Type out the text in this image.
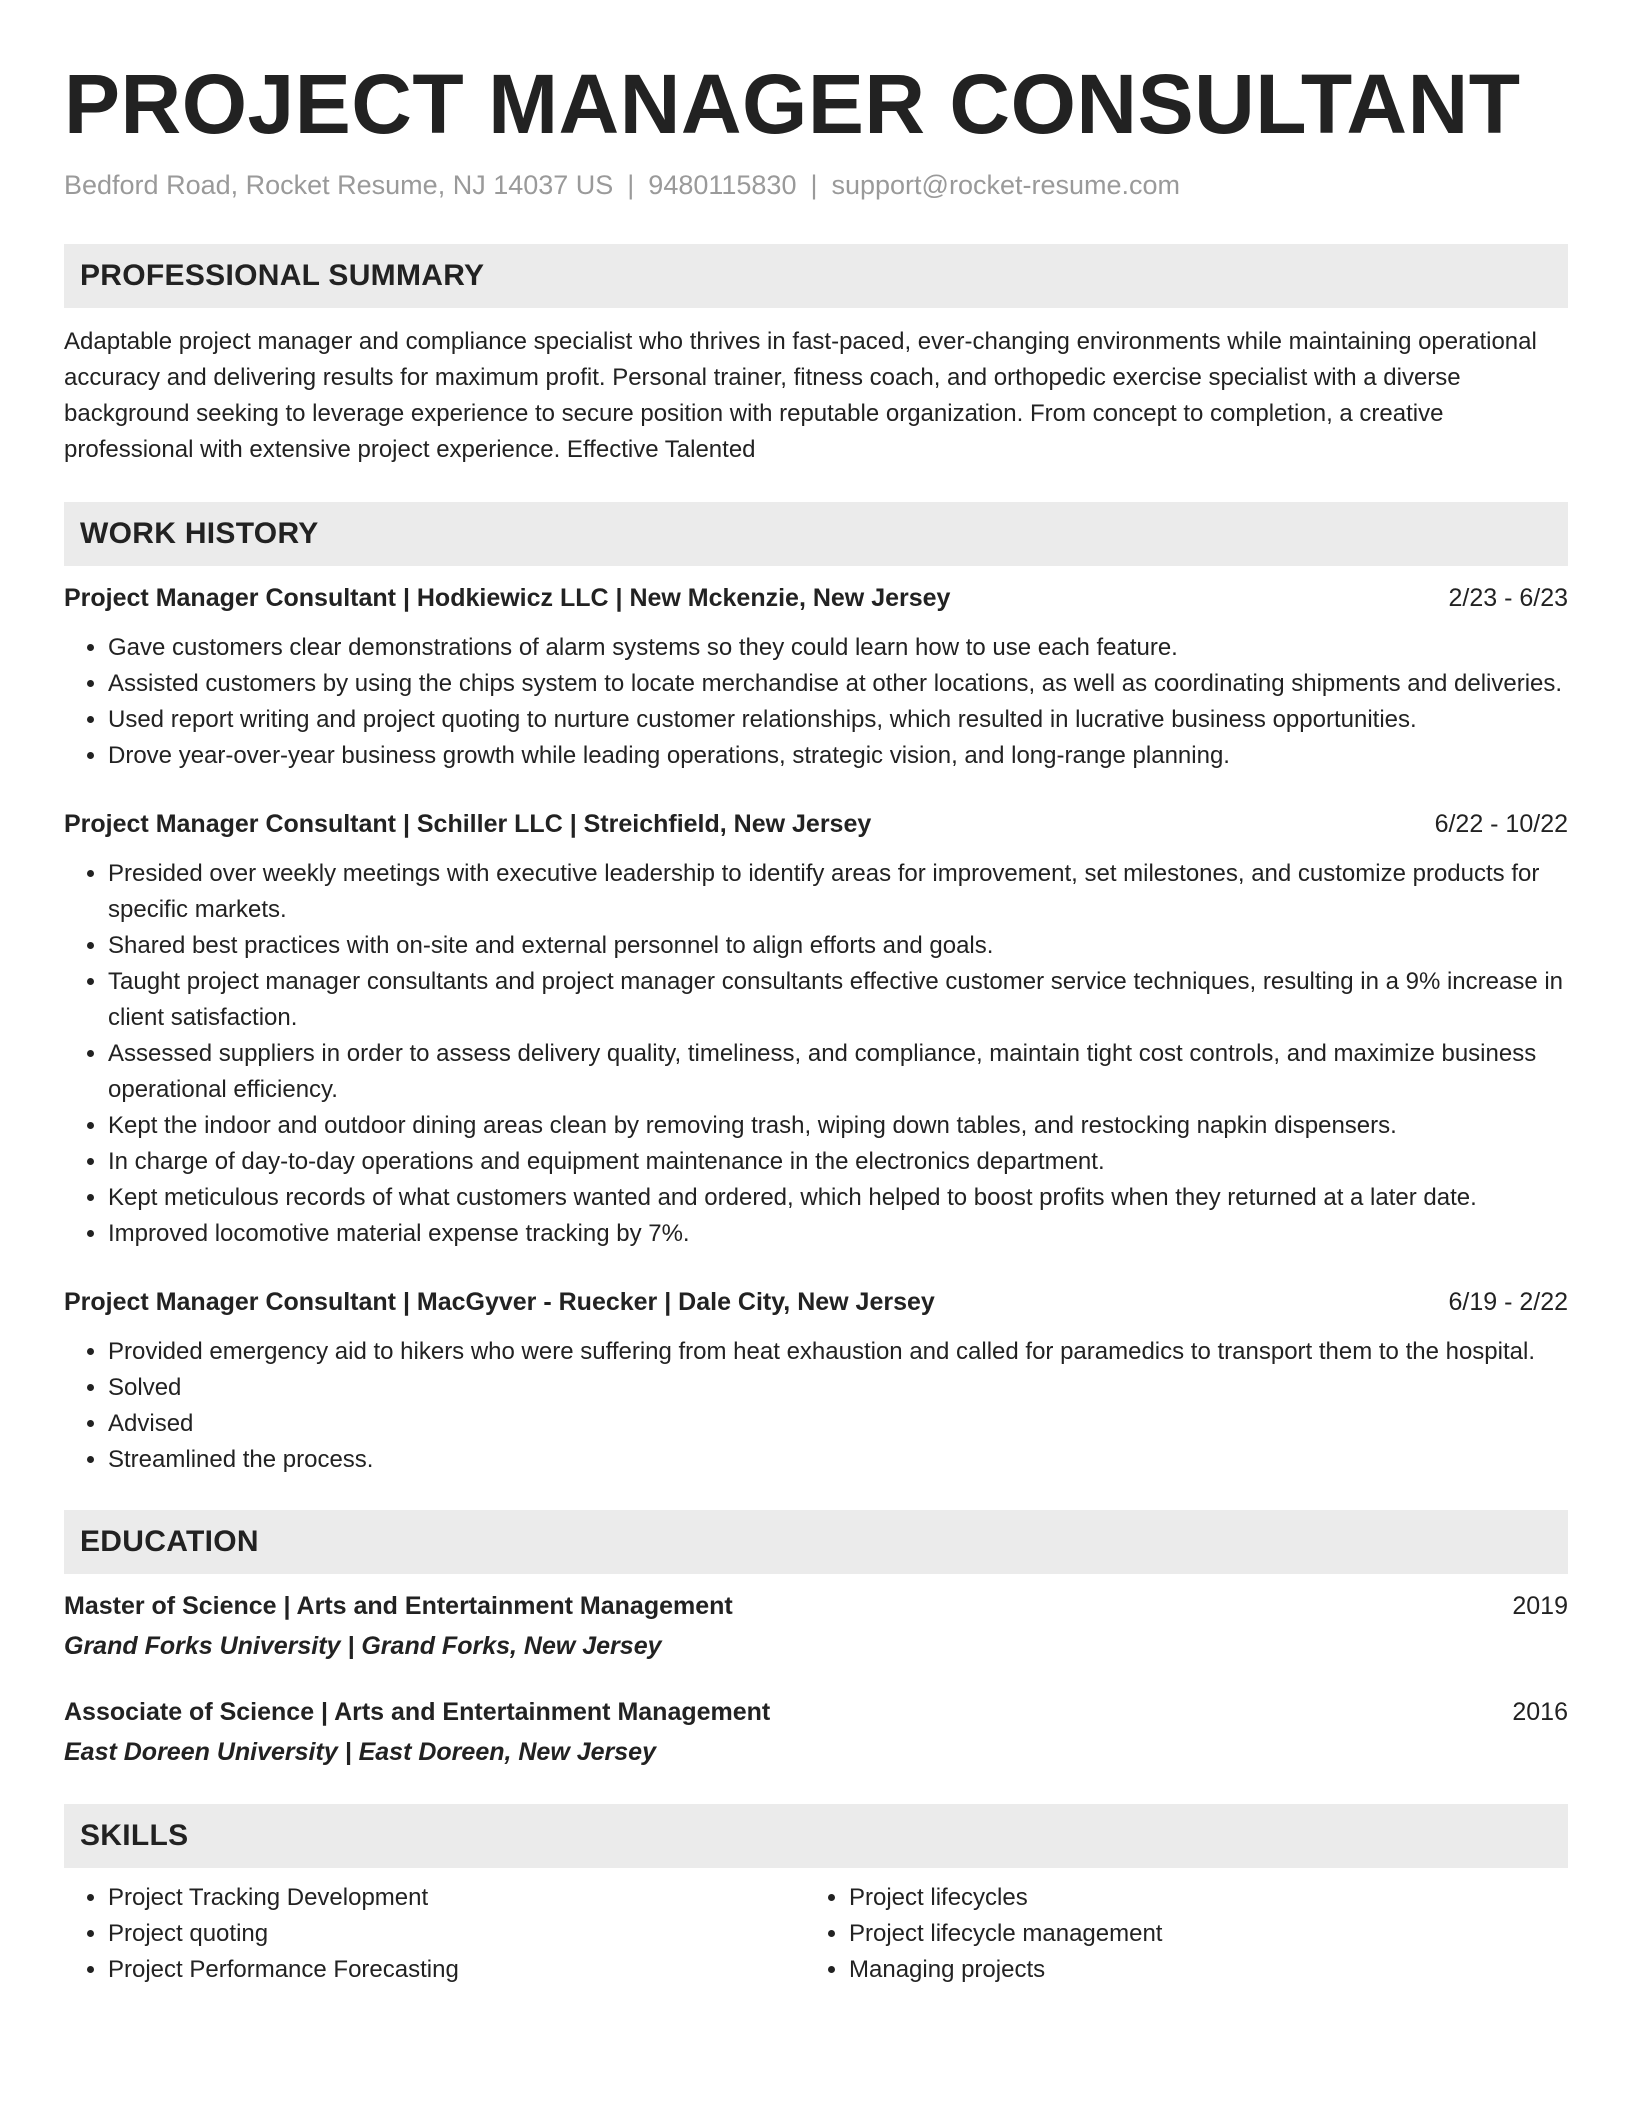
PROJECT MANAGER CONSULTANT
Bedford Road, Rocket Resume, NJ 14037 US | 9480115830 | support@rocket-resume.com
PROFESSIONAL SUMMARY

Adaptable project manager and compliance specialist who thrives in fast-paced, ever-changing environments while maintaining operational accuracy and delivering results for maximum profit. Personal trainer, fitness coach, and orthopedic exercise specialist with a diverse background seeking to leverage experience to secure position with reputable organization. From concept to completion, a creative professional with extensive project experience. Effective Talented

WORK HISTORY
Project Manager Consultant | Hodkiewicz LLC | New Mckenzie, New Jersey	2/23 - 6/23
• Gave customers clear demonstrations of alarm systems so they could learn how to use each feature.
• Assisted customers by using the chips system to locate merchandise at other locations, as well as coordinating shipments and deliveries.
• Used report writing and project quoting to nurture customer relationships, which resulted in lucrative business opportunities.
• Drove year-over-year business growth while leading operations, strategic vision, and long-range planning.
Project Manager Consultant | Schiller LLC | Streichfield, New Jersey	6/22 - 10/22
• Presided over weekly meetings with executive leadership to identify areas for improvement, set milestones, and customize products for specific markets.
• Shared best practices with on-site and external personnel to align efforts and goals.
• Taught project manager consultants and project manager consultants effective customer service techniques, resulting in a 9% increase in client satisfaction.
• Assessed suppliers in order to assess delivery quality, timeliness, and compliance, maintain tight cost controls, and maximize business operational efficiency.
• Kept the indoor and outdoor dining areas clean by removing trash, wiping down tables, and restocking napkin dispensers.
• In charge of day-to-day operations and equipment maintenance in the electronics department.
• Kept meticulous records of what customers wanted and ordered, which helped to boost profits when they returned at a later date.
• Improved locomotive material expense tracking by 7%.
Project Manager Consultant | MacGyver - Ruecker | Dale City, New Jersey	6/19 - 2/22
• Provided emergency aid to hikers who were suffering from heat exhaustion and called for paramedics to transport them to the hospital.
• Solved
• Advised
• Streamlined the process.
EDUCATION
Master of Science | Arts and Entertainment Management	2019
Grand Forks University | Grand Forks, New Jersey
Associate of Science | Arts and Entertainment Management	2016
East Doreen University | East Doreen, New Jersey
SKILLS
• Project Tracking Development
• Project quoting
• Project Performance Forecasting
• Project lifecycles
• Project lifecycle management
• Managing projects
